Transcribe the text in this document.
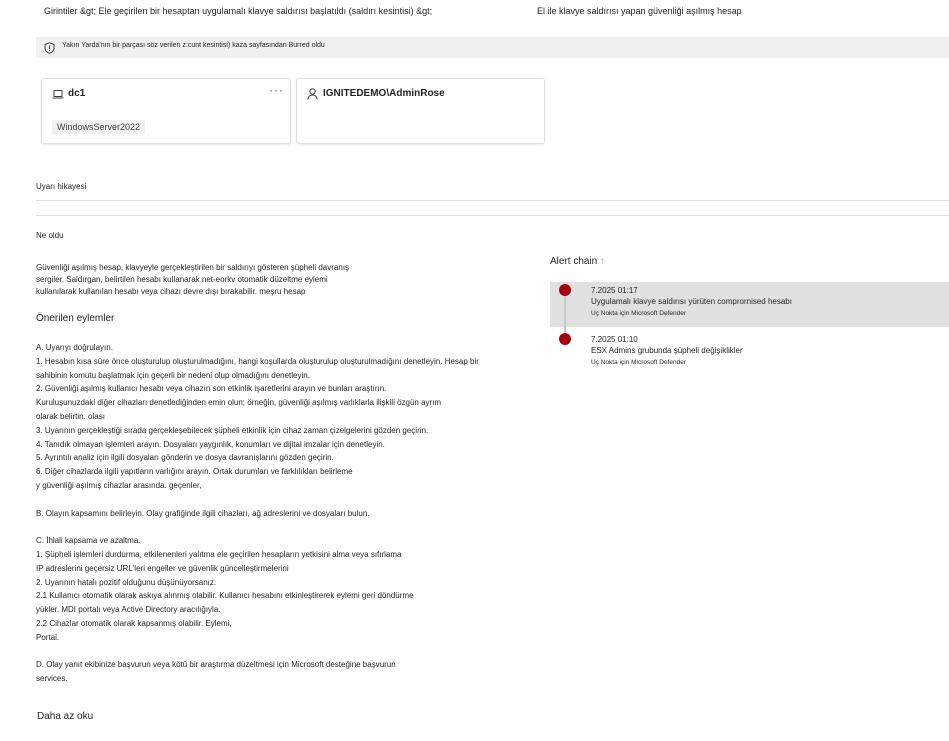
Girintiler &gt; Ele geçirilen bir hesaptan uygulamalı klavye saldırısı başlatıldı (saldırı kesintisi) &gt;	El ile klavye saldırısı yapan güvenliği aşılmış hesap
Yakın Yarda'nın bir parçası söz verilen z:cunt kesintisi) kaza sayfasından Burred oldu
dc1	···
WindowsServer2022
IGNITEDEMO\AdminRose
Uyarı hikayesi
Ne oldu
Güvenliği aşılmış hesap, klavyeyle gerçekleştirilen bir saldırıyı gösteren şüpheli davranış
sergiler. Saldırgan, belirtilen hesabı kullanarak net-eorkv otomatik düzeltme eylemi
kullanılarak kullanılan hesabı veya cihazı devre dışı bırakabilir. meşru hesap
Önerilen eylemler
A. Uyarıyı doğrulayın.
1. Hesabın kısa süre önce oluşturulup oluşturulmadığını, hangi koşullarda oluşturulup oluşturulmadığını denetleyin. Hesap bir
sahibinin komutu başlatmak için geçerli bir nedeni olup olmadığını denetleyin.
2. Güvenliği aşılmış kullanıcı hesabı veya cihazın son etkinlik işaretlerini arayın ve bunları araştırın.
Kuruluşunuzdaki diğer cihazları denetlediğinden emin olun; örneğin, güvenliği aşılmış varlıklarla ilişkili özgün ayrım
olarak belirtin. olası
3. Uyarının gerçekleştiği sırada gerçekleşebilecek şüpheli etkinlik için cihaz zaman çizelgelerini gözden geçirin.
4. Tanıdık olmayan işlemleri arayın. Dosyaları yaygınlık, konumları ve dijital imzalar için denetleyin.
5. Ayrıntılı analiz için ilgili dosyaları gönderin ve dosya davranışlarını gözden geçirin.
6. Diğer cihazlarda ilgili yapıtların varlığını arayın. Ortak durumları ve farklılıkları belirleme
y güvenliği aşılmış cihazlar arasında. geçenler,
B. Olayın kapsamını belirleyin. Olay grafiğinde ilgili cihazları, ağ adreslerini ve dosyaları bulun.
C. İhlali kapsama ve azaltma.
1. Şüpheli işlemleri durdurma, etkilenenleri yalıtma ele geçirilen hesapların yetkisini alma veya sıfırlama
IP adreslerini geçersiz URL'leri engeller ve güvenlik güncelleştirmelerini
2. Uyarının hatalı pozitif olduğunu düşünüyorsanız:
2.1 Kullanıcı otomatik olarak askıya alınmış olabilir. Kullanıcı hesabını etkinleştirerek eylemi geri döndürme
yükler. MDI portalı veya Active Directory aracılığıyla.
2.2 Cihazlar otomatik olarak kapsanmış olabilir. Eylemi,
Portal.
D. Olay yanıt ekibinize başvurun veya kötü bir araştırma düzeltmesi için Microsoft desteğine başvurun
services.
Daha az oku
Alert chain ↑
7.2025 01:17
Uygulamalı klavye saldırısı yürüten comprornised hesabı
Uç Nokta için Microsoft Defender
7.2025 01:10
ESX Admins grubunda şüpheli değişiklikler
Uç Nokta için Microsoft Defender
